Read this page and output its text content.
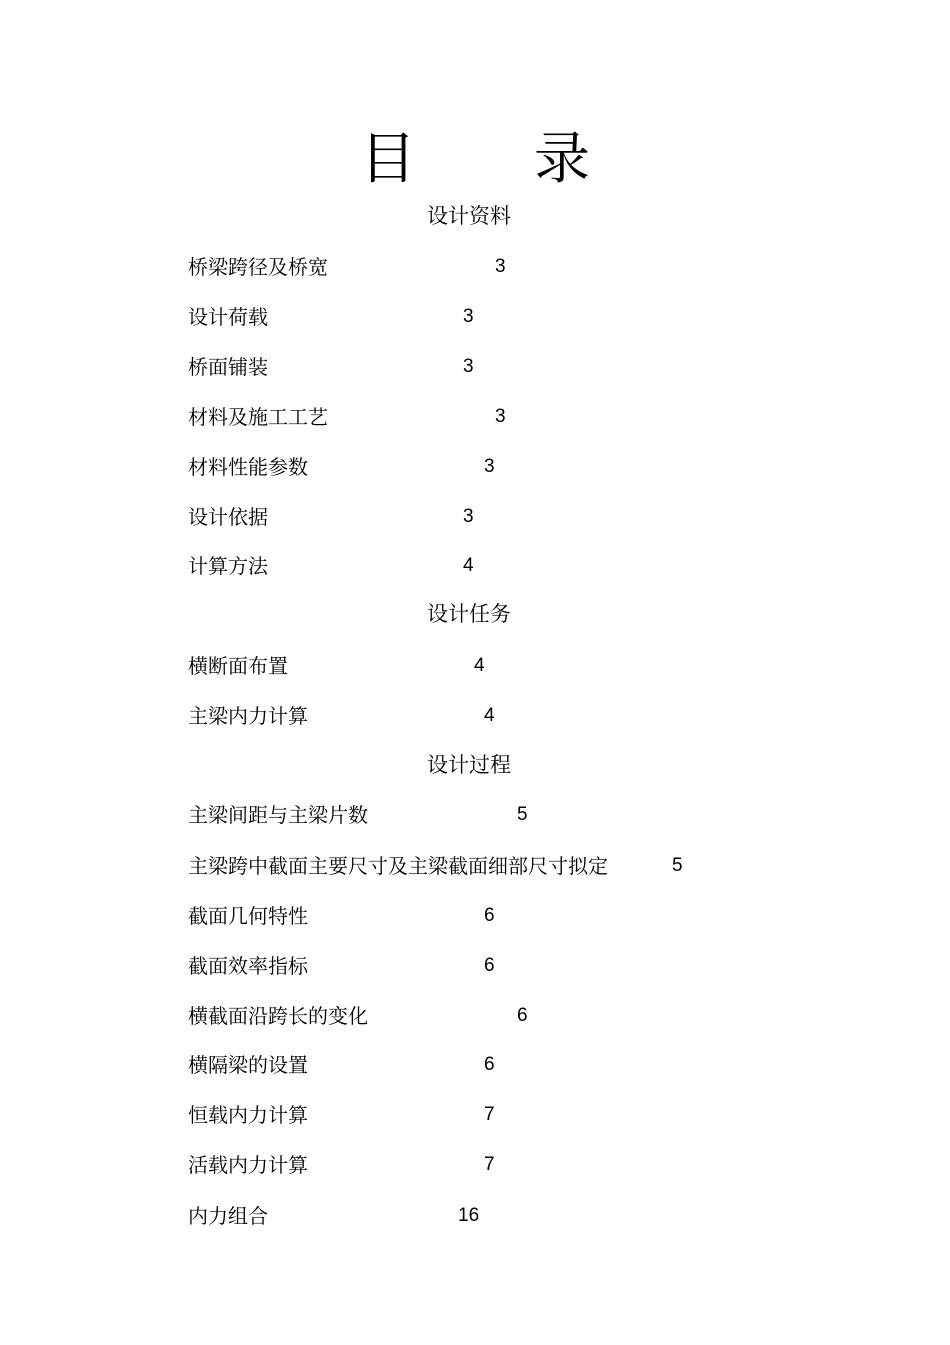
目 录
设计资料
桥梁跨径及桥宽	3
设计荷载	3
桥面铺装	3
材料及施工工艺	3
材料性能参数	3
设计依据	3
计算方法	4
设计任务
横断面布置	4
主梁内力计算	4
设计过程
主梁间距与主梁片数	5
主梁跨中截面主要尺寸及主梁截面细部尺寸拟定	5
截面几何特性	6
截面效率指标	6
横截面沿跨长的变化	6
横隔梁的设置	6
恒载内力计算	7
活载内力计算	7
内力组合	16
